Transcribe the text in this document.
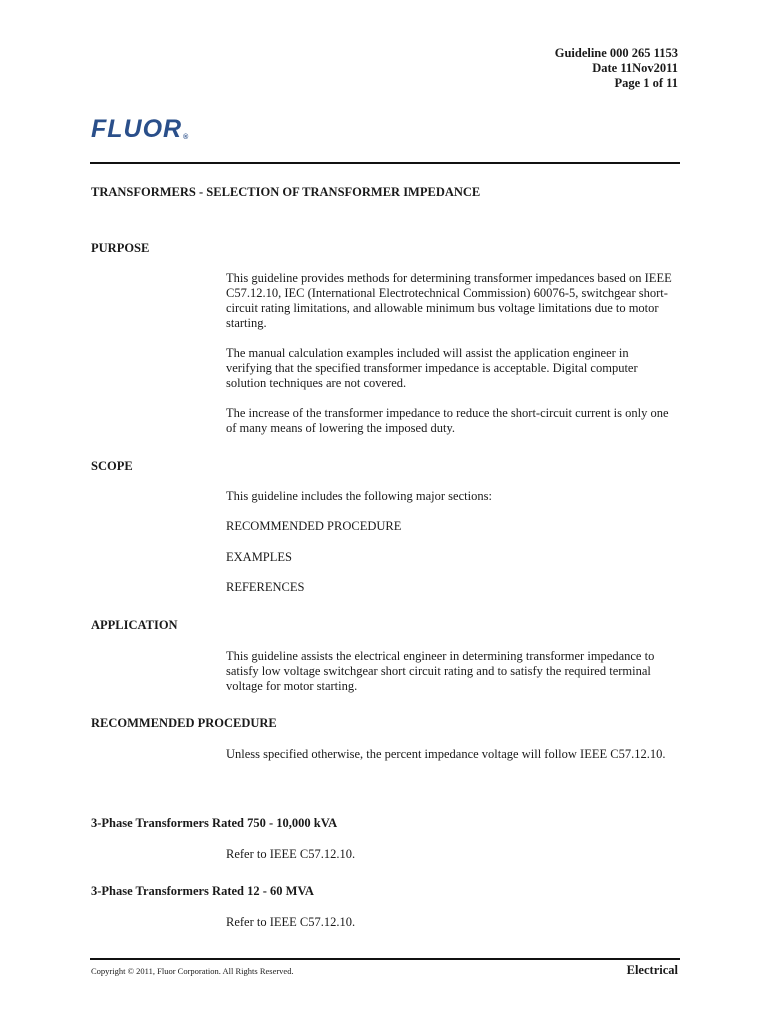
Guideline 000 265 1153
Date 11Nov2011
Page 1 of 11
FLUOR®
TRANSFORMERS - SELECTION OF TRANSFORMER IMPEDANCE
PURPOSE
This guideline provides methods for determining transformer impedances based on IEEE C57.12.10, IEC (International Electrotechnical Commission) 60076-5, switchgear short-circuit rating limitations, and allowable minimum bus voltage limitations due to motor starting.
The manual calculation examples included will assist the application engineer in verifying that the specified transformer impedance is acceptable. Digital computer solution techniques are not covered.
The increase of the transformer impedance to reduce the short-circuit current is only one of many means of lowering the imposed duty.
SCOPE
This guideline includes the following major sections:
RECOMMENDED PROCEDURE
EXAMPLES
REFERENCES
APPLICATION
This guideline assists the electrical engineer in determining transformer impedance to satisfy low voltage switchgear short circuit rating and to satisfy the required terminal voltage for motor starting.
RECOMMENDED PROCEDURE
Unless specified otherwise, the percent impedance voltage will follow IEEE C57.12.10.
3-Phase Transformers Rated 750 - 10,000 kVA
Refer to IEEE C57.12.10.
3-Phase Transformers Rated 12 - 60 MVA
Refer to IEEE C57.12.10.
Copyright © 2011, Fluor Corporation. All Rights Reserved.	Electrical
